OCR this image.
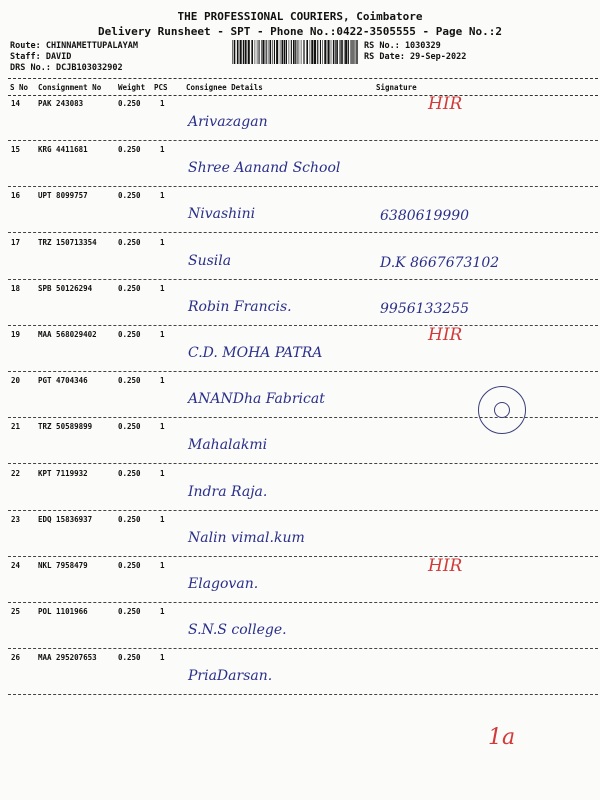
THE PROFESSIONAL COURIERS, Coimbatore
Delivery Runsheet - SPT - Phone No.:0422-3505555 - Page No.:2
Route: CHINNAMETTUPALAYAM
Staff: DAVID
DRS No.: DCJB103032902
RS No.: 1030329
RS Date: 29-Sep-2022
S No Consignment No Weight PCS Consignee Details	Signature
14 PAK 243083	0.250	1
Arivazagan
HIR
15 KRG 4411681	0.250	1
Shree Aanand School
16 UPT 8099757	0.250	1
Nivashini	6380619990
17 TRZ 150713354	0.250	1
Susila	D.K 8667673102
18 SPB 50126294	0.250	1
Robin Francis.	9956133255
19 MAA 568029402	0.250	1
C.D. MOHA PATRA
HIR
20 PGT 4704346	0.250	1
ANANDha Fabricat
21 TRZ 50589899	0.250	1
Mahalakmi
22 KPT 7119932	0.250	1
Indra Raja.
23 EDQ 15836937	0.250	1
Nalin vimal.kum
24 NKL 7958479	0.250	1
Elagovan.
HIR
25 POL 1101966	0.250	1
S.N.S college.
26 MAA 295207653	0.250	1
PriaDarsan.
1a
